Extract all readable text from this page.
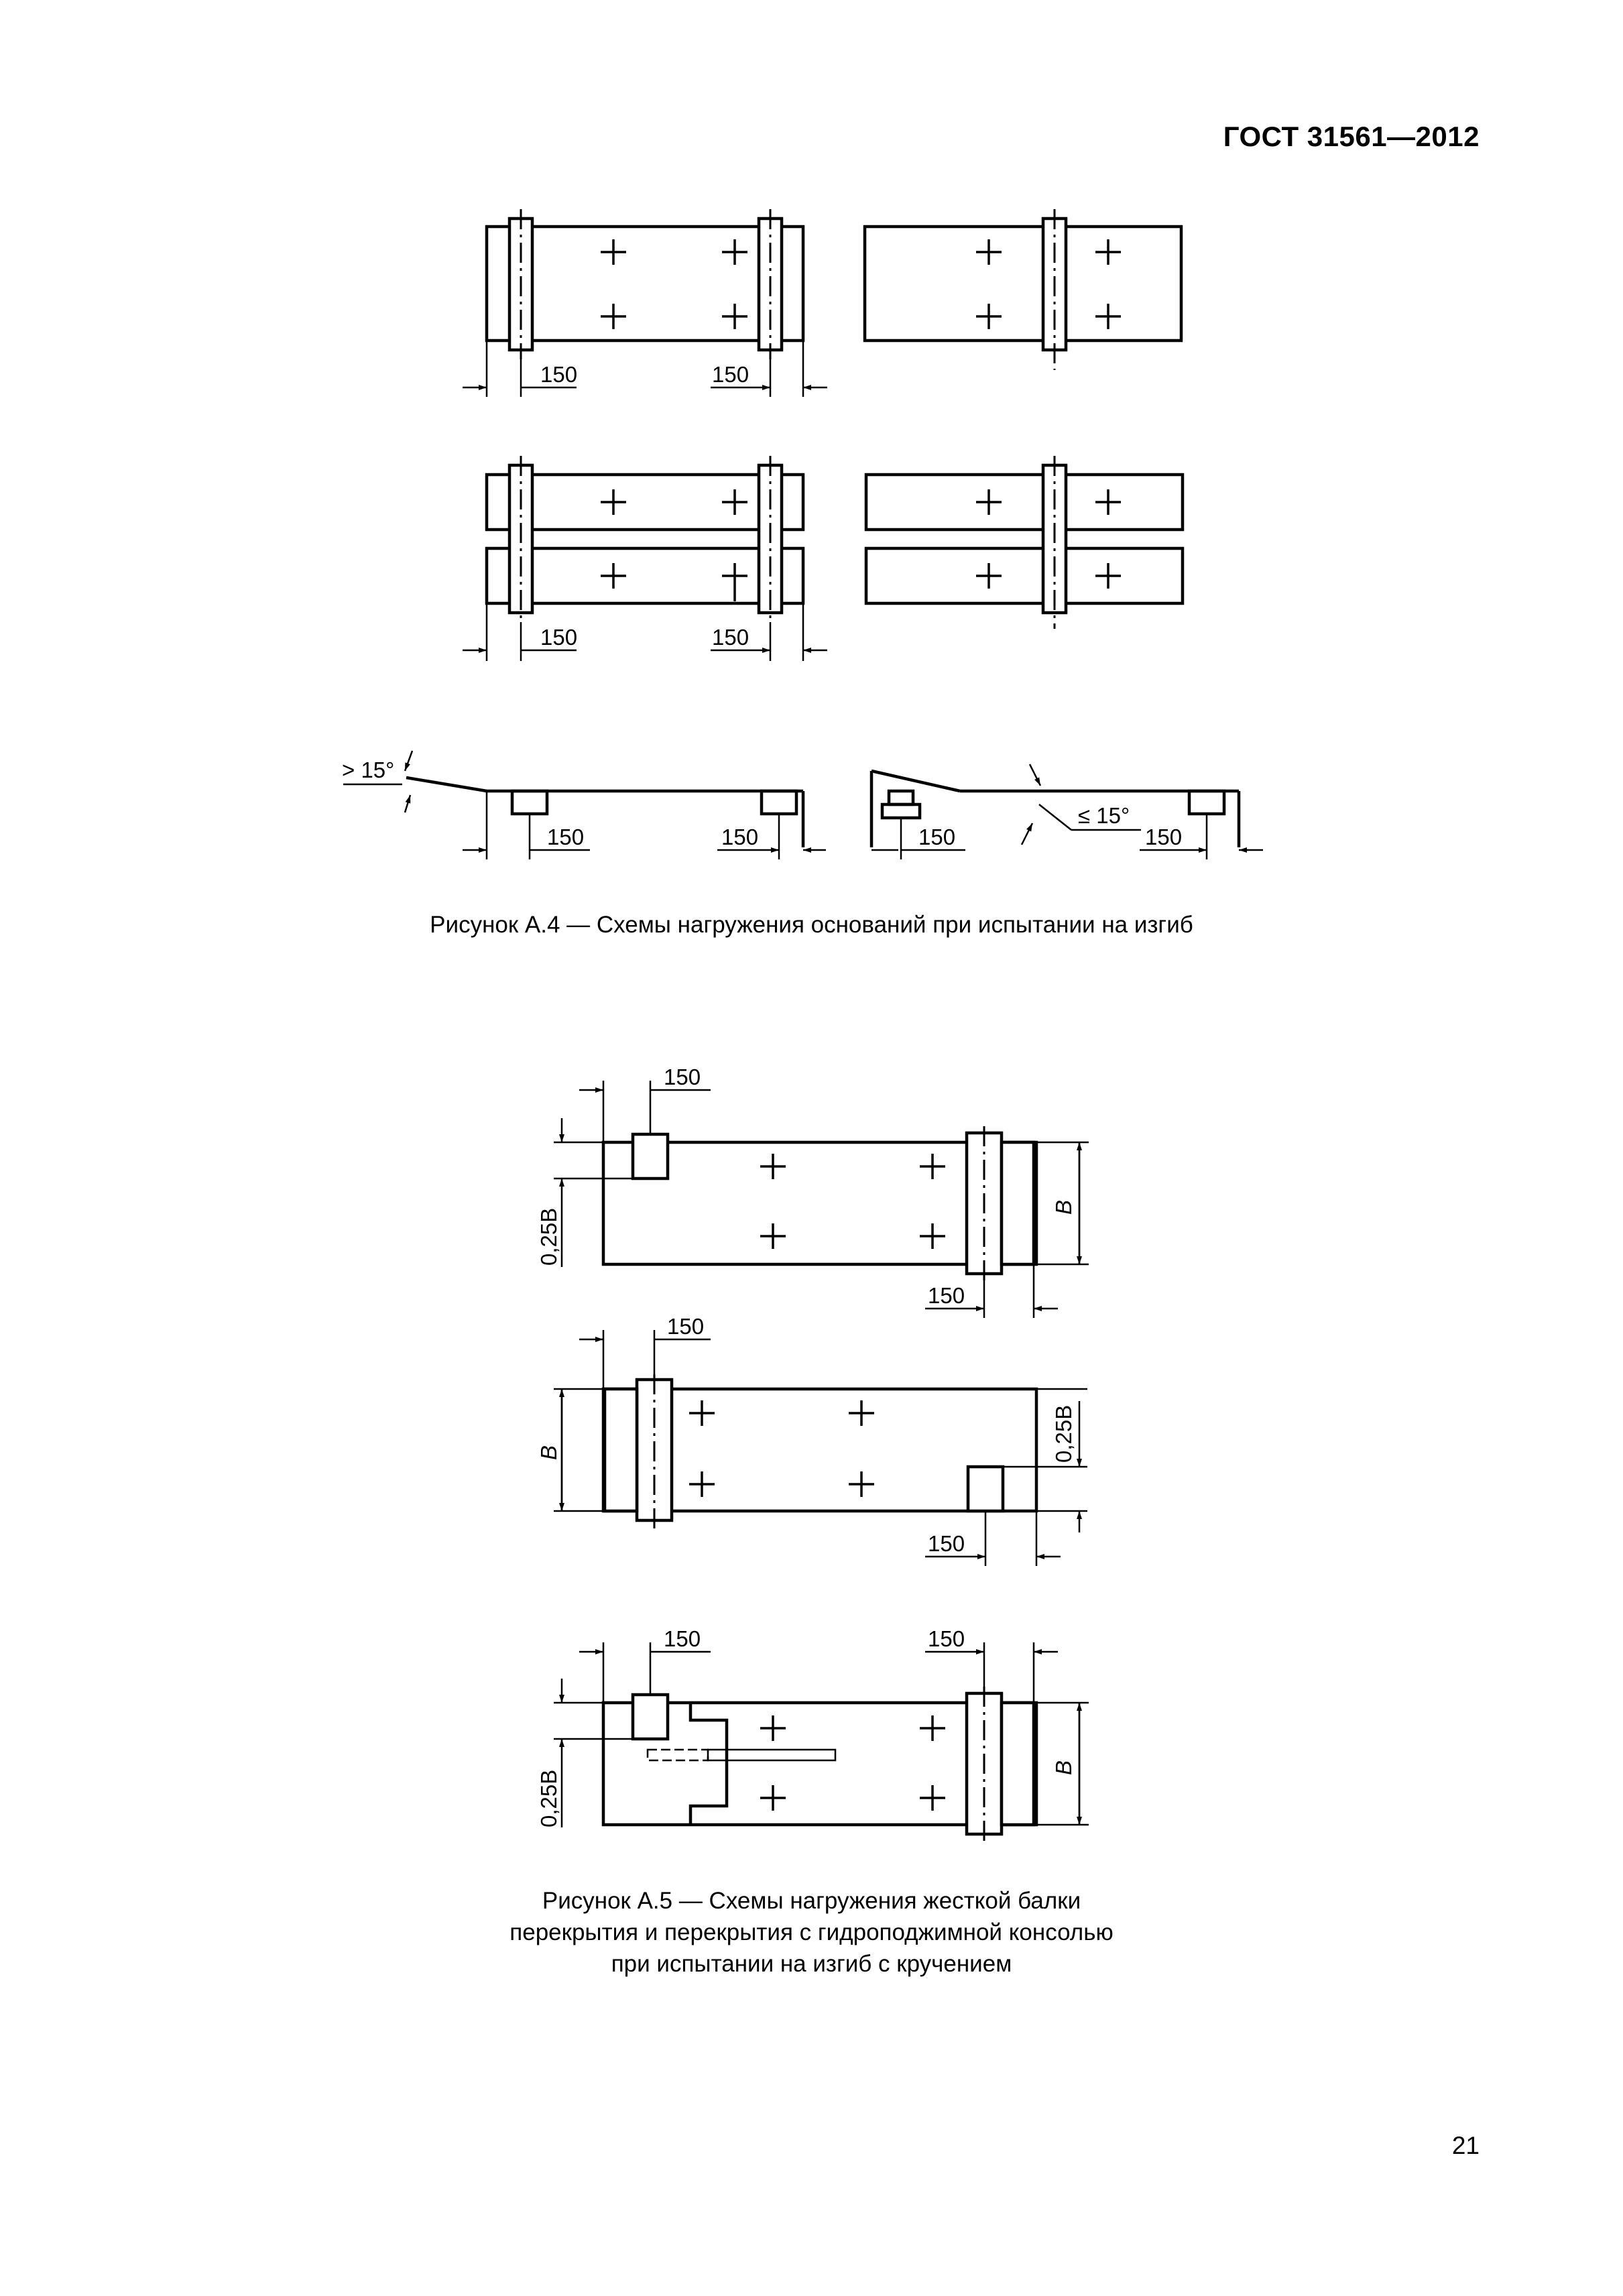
ГОСТ 31561—2012
150	150
150	150
150	150	150	150
> 15°
≤ 15°
Рисунок А.4 — Схемы нагружения оснований при испытании на изгиб
150
150
150
150
150	150
0,25B
B
B	0,25B
0,25B
B
Рисунок А.5 — Схемы нагружения жесткой балки
перекрытия и перекрытия с гидроподжимной консолью
при испытании на изгиб с кручением
21
